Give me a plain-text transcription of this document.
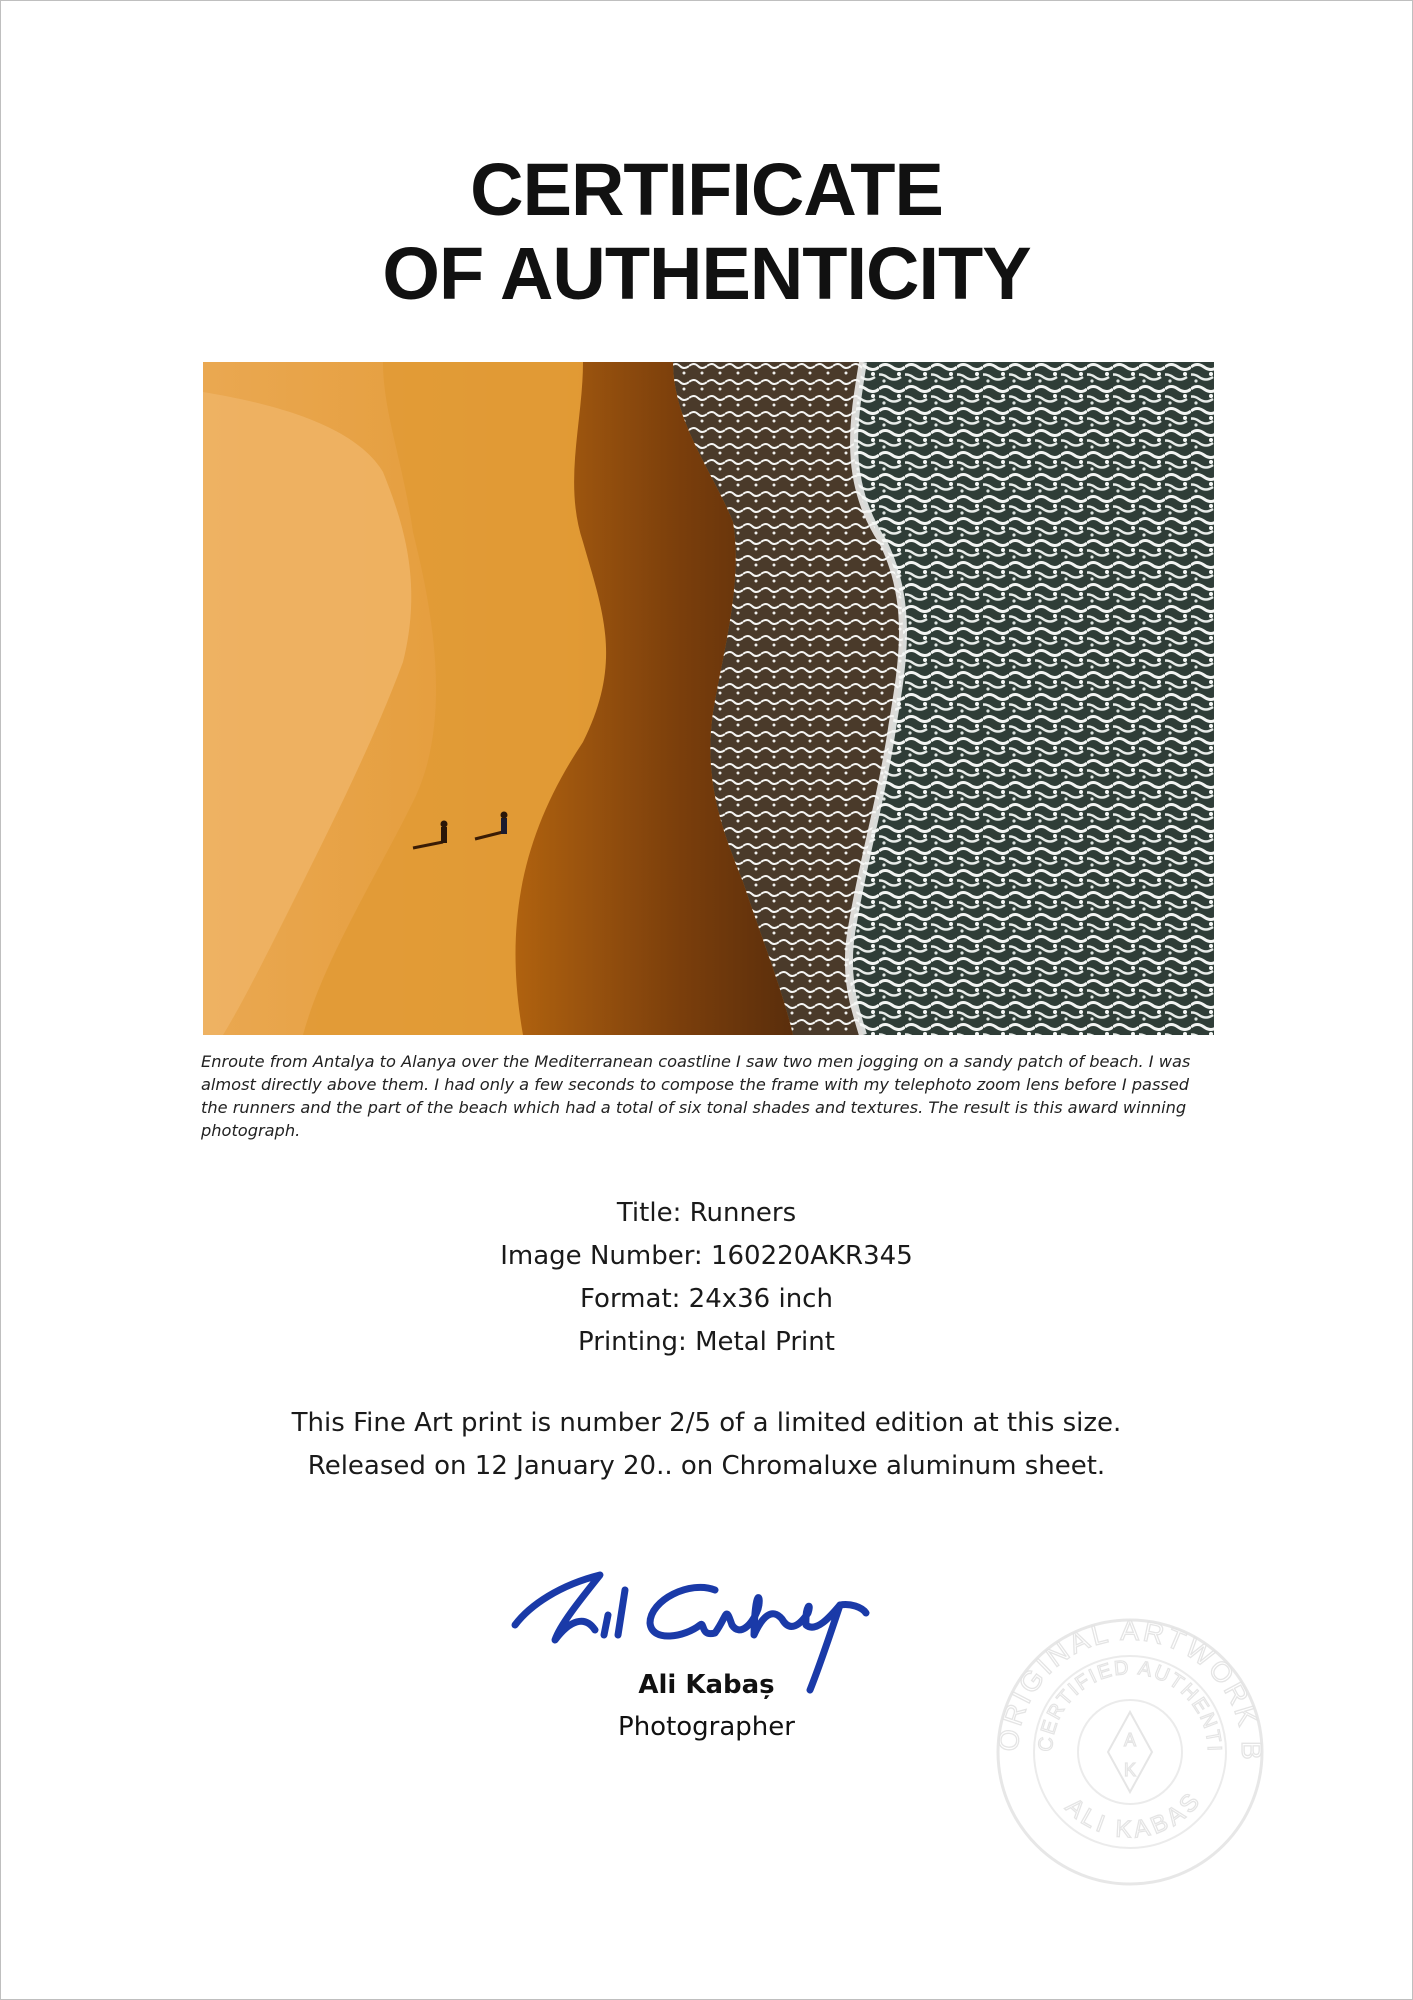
CERTIFICATE
OF AUTHENTICITY
Enroute from Antalya to Alanya over the Mediterranean coastline I saw two men jogging on a sandy patch of beach. I was almost directly above them. I had only a few seconds to compose the frame with my telephoto zoom lens before I passed the runners and the part of the beach which had a total of six tonal shades and textures. The result is this award winning photograph.
Title: Runners
Image Number: 160220AKR345
Format: 24x36 inch
Printing: Metal Print
This Fine Art print is number 2/5 of a limited edition at this size.
Released on 12 January 20.. on Chromaluxe aluminum sheet.
Ali Kabaș
Photographer	ORIGINAL ARTWORK B
CERTIFIED AUTHENTI
ALI KABAS
A
K
